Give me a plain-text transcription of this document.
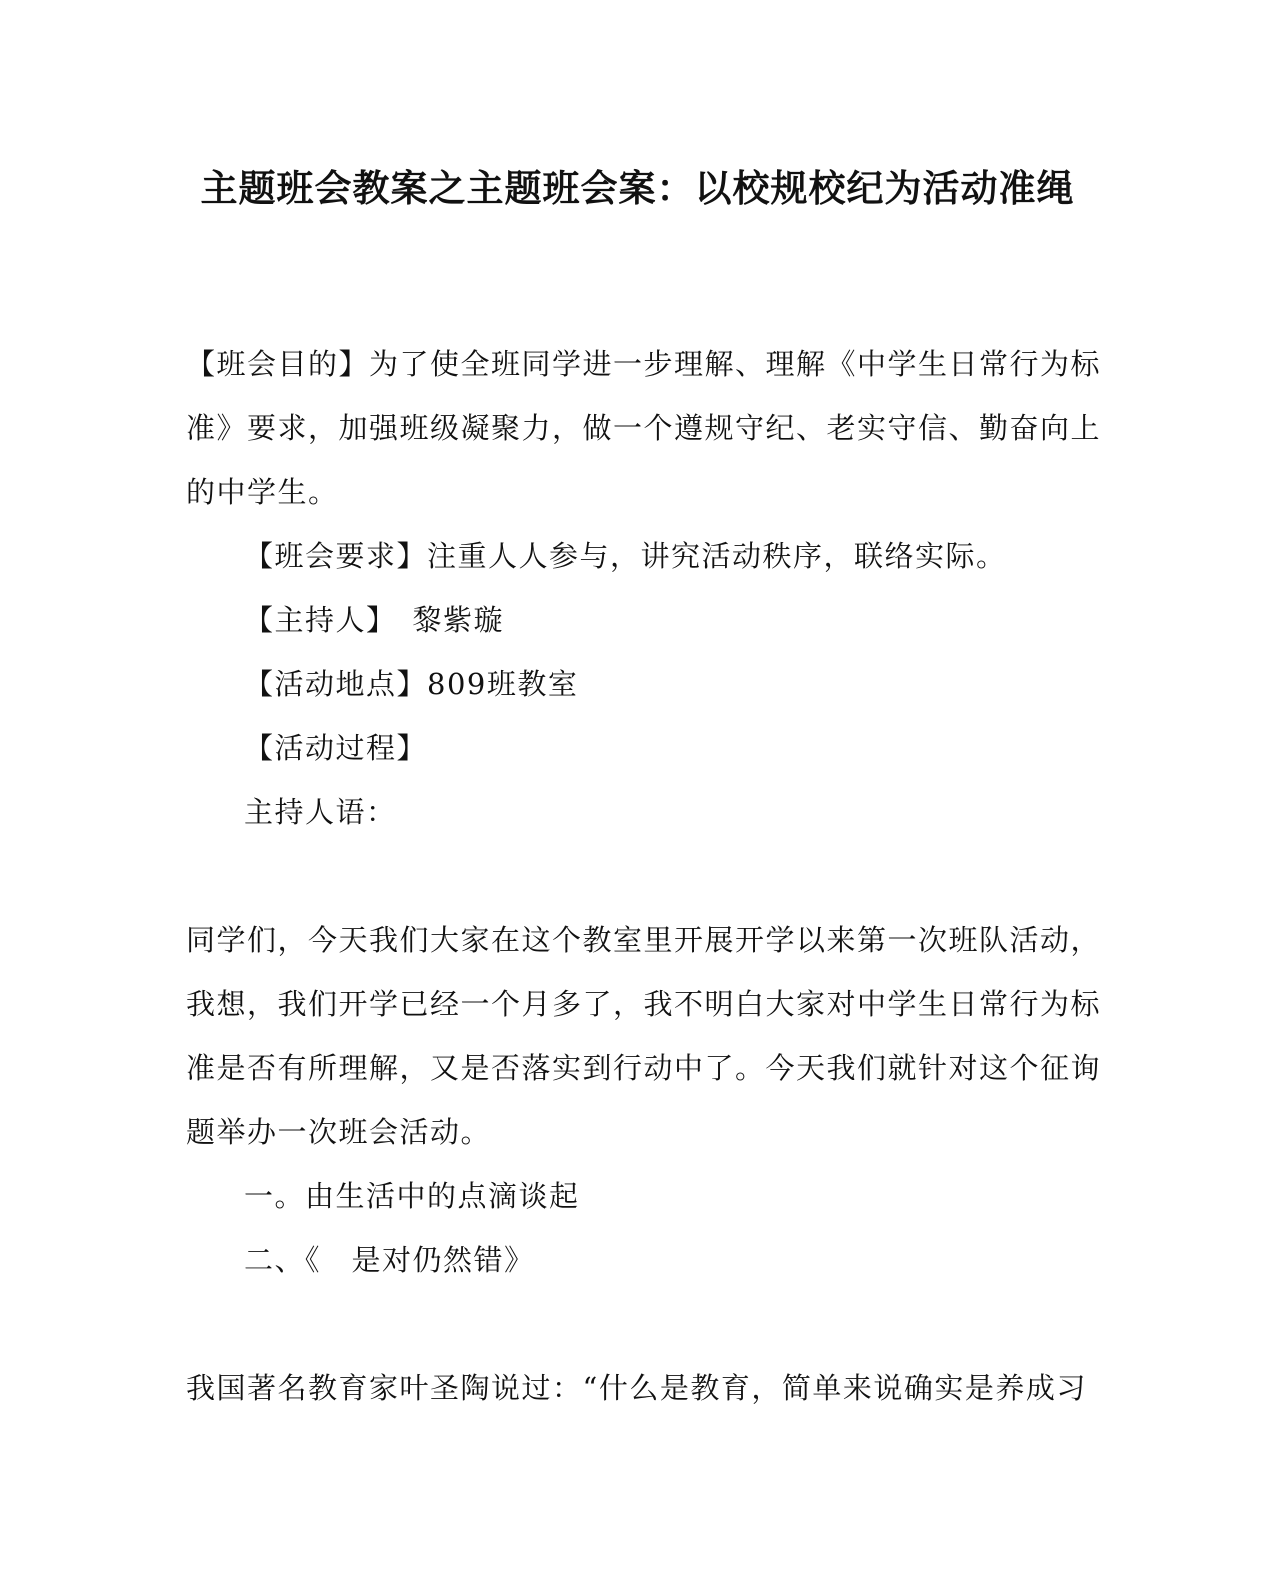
主题班会教案之主题班会案：以校规校纪为活动准绳
【班会目的】为了使全班同学进一步理解、理解《中学生日常行为标
准》要求，加强班级凝聚力，做一个遵规守纪、老实守信、勤奋向上
的中学生。
【班会要求】注重人人参与，讲究活动秩序，联络实际。
【主持人】　黎紫璇
【活动地点】809班教室
【活动过程】
主持人语：
同学们，今天我们大家在这个教室里开展开学以来第一次班队活动，
我想，我们开学已经一个月多了，我不明白大家对中学生日常行为标
准是否有所理解，又是否落实到行动中了。今天我们就针对这个征询
题举办一次班会活动。
一。由生活中的点滴谈起
二、《　是对仍然错》
我国著名教育家叶圣陶说过：“什么是教育，简单来说确实是养成习
